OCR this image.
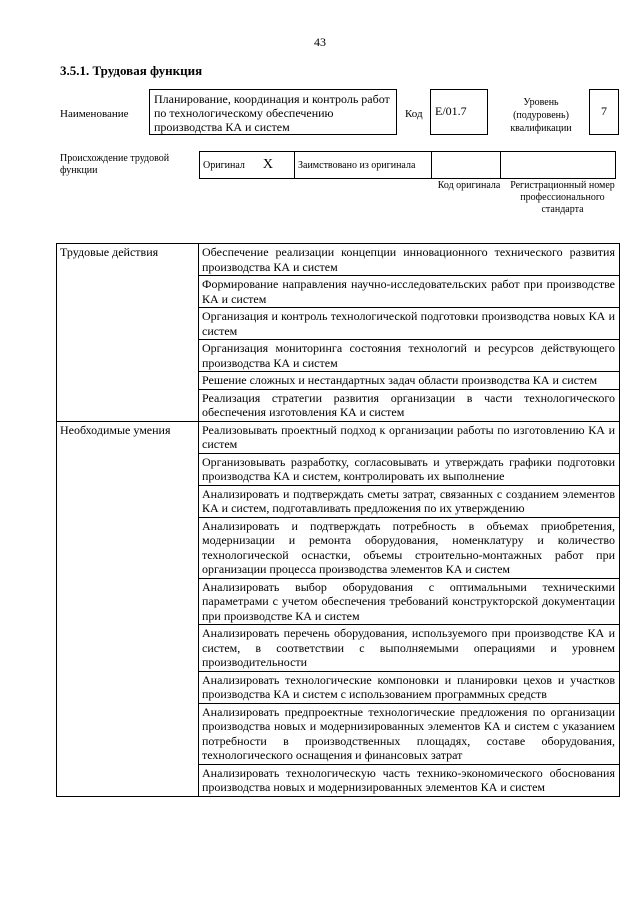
43
3.5.1. Трудовая функция
Наименование
Планирование, координация и контроль работ по технологическому обеспечению производства КА и систем
Код	E/01.7
Уровень (подуровень) квалификации
7
Происхождение трудовой функции	Оригинал X	Заимствовано из оригинала		
Код оригинала Регистрационный номер профессионального стандарта
Трудовые действия	Обеспечение реализации концепции инновационного технического развития производства КА и систем
	Формирование направления научно-исследовательских работ при производстве КА и систем
	Организация и контроль технологической подготовки производства новых КА и систем
	Организация мониторинга состояния технологий и ресурсов действующего производства КА и систем
	Решение сложных и нестандартных задач области производства КА и систем
	Реализация стратегии развития организации в части технологического обеспечения изготовления КА и систем
Необходимые умения	Реализовывать проектный подход к организации работы по изготовлению КА и систем
	Организовывать разработку, согласовывать и утверждать графики подготовки производства КА и систем, контролировать их выполнение
	Анализировать и подтверждать сметы затрат, связанных с созданием элементов КА и систем, подготавливать предложения по их утверждению
	Анализировать и подтверждать потребность в объемах приобретения, модернизации и ремонта оборудования, номенклатуру и количество технологической оснастки, объемы строительно-монтажных работ при организации процесса производства элементов КА и систем
	Анализировать выбор оборудования с оптимальными техническими параметрами с учетом обеспечения требований конструкторской документации при производстве КА и систем
	Анализировать перечень оборудования, используемого при производстве КА и систем, в соответствии с выполняемыми операциями и уровнем производительности
	Анализировать технологические компоновки и планировки цехов и участков производства КА и систем с использованием программных средств
	Анализировать предпроектные технологические предложения по организации производства новых и модернизированных элементов КА и систем с указанием потребности в производственных площадях, составе оборудования, технологического оснащения и финансовых затрат
	Анализировать технологическую часть технико-экономического обоснования производства новых и модернизированных элементов КА и систем
